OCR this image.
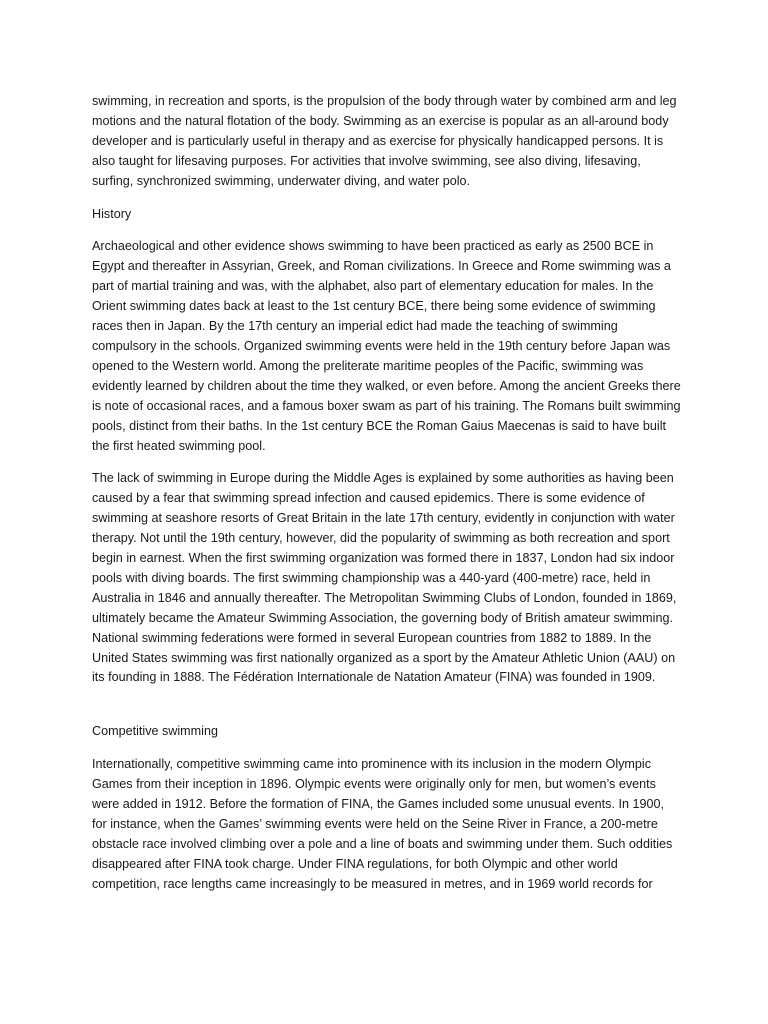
swimming, in recreation and sports, is the propulsion of the body through water by combined arm and leg motions and the natural flotation of the body. Swimming as an exercise is popular as an all-around body developer and is particularly useful in therapy and as exercise for physically handicapped persons. It is also taught for lifesaving purposes. For activities that involve swimming, see also diving, lifesaving, surfing, synchronized swimming, underwater diving, and water polo.

History

Archaeological and other evidence shows swimming to have been practiced as early as 2500 BCE in Egypt and thereafter in Assyrian, Greek, and Roman civilizations. In Greece and Rome swimming was a part of martial training and was, with the alphabet, also part of elementary education for males. In the Orient swimming dates back at least to the 1st century BCE, there being some evidence of swimming races then in Japan. By the 17th century an imperial edict had made the teaching of swimming compulsory in the schools. Organized swimming events were held in the 19th century before Japan was opened to the Western world. Among the preliterate maritime peoples of the Pacific, swimming was evidently learned by children about the time they walked, or even before. Among the ancient Greeks there is note of occasional races, and a famous boxer swam as part of his training. The Romans built swimming pools, distinct from their baths. In the 1st century BCE the Roman Gaius Maecenas is said to have built the first heated swimming pool.

The lack of swimming in Europe during the Middle Ages is explained by some authorities as having been caused by a fear that swimming spread infection and caused epidemics. There is some evidence of swimming at seashore resorts of Great Britain in the late 17th century, evidently in conjunction with water therapy. Not until the 19th century, however, did the popularity of swimming as both recreation and sport begin in earnest. When the first swimming organization was formed there in 1837, London had six indoor pools with diving boards. The first swimming championship was a 440-yard (400-metre) race, held in Australia in 1846 and annually thereafter. The Metropolitan Swimming Clubs of London, founded in 1869, ultimately became the Amateur Swimming Association, the governing body of British amateur swimming. National swimming federations were formed in several European countries from 1882 to 1889. In the United States swimming was first nationally organized as a sport by the Amateur Athletic Union (AAU) on its founding in 1888. The Fédération Internationale de Natation Amateur (FINA) was founded in 1909.

Competitive swimming

Internationally, competitive swimming came into prominence with its inclusion in the modern Olympic Games from their inception in 1896. Olympic events were originally only for men, but women’s events were added in 1912. Before the formation of FINA, the Games included some unusual events. In 1900, for instance, when the Games’ swimming events were held on the Seine River in France, a 200-metre obstacle race involved climbing over a pole and a line of boats and swimming under them. Such oddities disappeared after FINA took charge. Under FINA regulations, for both Olympic and other world competition, race lengths came increasingly to be measured in metres, and in 1969 world records for
